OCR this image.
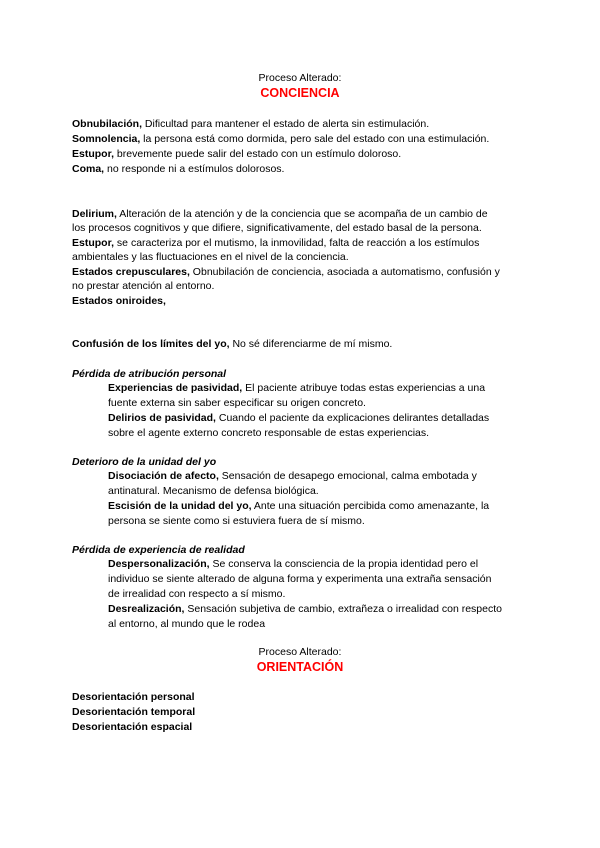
Proceso Alterado:
CONCIENCIA
Obnubilación, Dificultad para mantener el estado de alerta sin estimulación.
Somnolencia, la persona está como dormida, pero sale del estado con una estimulación.
Estupor, brevemente puede salir del estado con un estímulo doloroso.
Coma, no responde ni a estímulos dolorosos.
Delirium, Alteración de la atención y de la conciencia que se acompaña de un cambio de
los procesos cognitivos y que difiere, significativamente, del estado basal de la persona.
Estupor, se caracteriza por el mutismo, la inmovilidad, falta de reacción a los estímulos
ambientales y las fluctuaciones en el nivel de la conciencia.
Estados crepusculares, Obnubilación de conciencia, asociada a automatismo, confusión y
no prestar atención al entorno.
Estados oniroides,
Confusión de los límites del yo, No sé diferenciarme de mí mismo.
Pérdida de atribución personal
Experiencias de pasividad, El paciente atribuye todas estas experiencias a una
fuente externa sin saber especificar su origen concreto.
Delirios de pasividad, Cuando el paciente da explicaciones delirantes detalladas
sobre el agente externo concreto responsable de estas experiencias.
Deterioro de la unidad del yo
Disociación de afecto, Sensación de desapego emocional, calma embotada y
antinatural. Mecanismo de defensa biológica.
Escisión de la unidad del yo, Ante una situación percibida como amenazante, la
persona se siente como si estuviera fuera de sí mismo.
Pérdida de experiencia de realidad
Despersonalización, Se conserva la consciencia de la propia identidad pero el
individuo se siente alterado de alguna forma y experimenta una extraña sensación
de irrealidad con respecto a sí mismo.
Desrealización, Sensación subjetiva de cambio, extrañeza o irrealidad con respecto
al entorno, al mundo que le rodea
Proceso Alterado:
ORIENTACIÓN
Desorientación personal
Desorientación temporal
Desorientación espacial
